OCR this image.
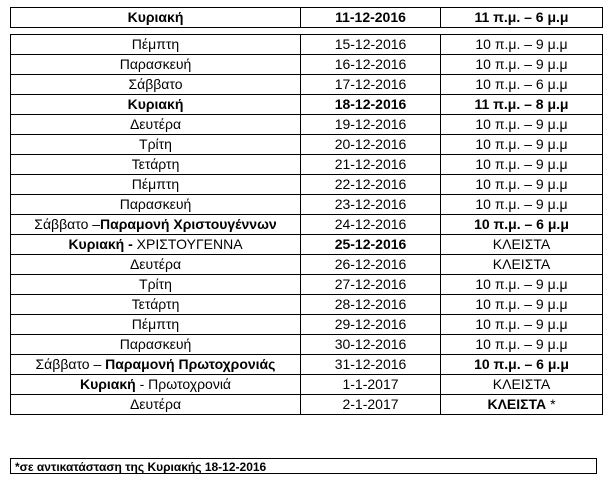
Κυριακή	11-12-2016	11 π.μ. – 6 μ.μ

Πέμπτη	15-12-2016	10 π.μ. – 9 μ.μ
Παρασκευή	16-12-2016	10 π.μ. – 9 μ.μ
Σάββατο	17-12-2016	10 π.μ. – 6 μ.μ
Κυριακή	18-12-2016	11 π.μ. – 8 μ.μ
Δευτέρα	19-12-2016	10 π.μ. – 9 μ.μ
Τρίτη	20-12-2016	10 π.μ. – 9 μ.μ
Τετάρτη	21-12-2016	10 π.μ. – 9 μ.μ
Πέμπτη	22-12-2016	10 π.μ. – 9 μ.μ
Παρασκευή	23-12-2016	10 π.μ. – 9 μ.μ
Σάββατο –Παραμονή Χριστουγέννων	24-12-2016	10 π.μ. – 6 μ.μ
Κυριακή - ΧΡΙΣΤΟΥΓΕΝΝΑ	25-12-2016	ΚΛΕΙΣΤΑ
Δευτέρα	26-12-2016	ΚΛΕΙΣΤΑ
Τρίτη	27-12-2016	10 π.μ. – 9 μ.μ
Τετάρτη	28-12-2016	10 π.μ. – 9 μ.μ
Πέμπτη	29-12-2016	10 π.μ. – 9 μ.μ
Παρασκευή	30-12-2016	10 π.μ. – 9 μ.μ
Σάββατο – Παραμονή Πρωτοχρονιάς	31-12-2016	10 π.μ. – 6 μ.μ
Κυριακή - Πρωτοχρονιά	1-1-2017	ΚΛΕΙΣΤΑ
Δευτέρα	2-1-2017	ΚΛΕΙΣΤΑ *
*σε αντικατάσταση της Κυριακής 18-12-2016
